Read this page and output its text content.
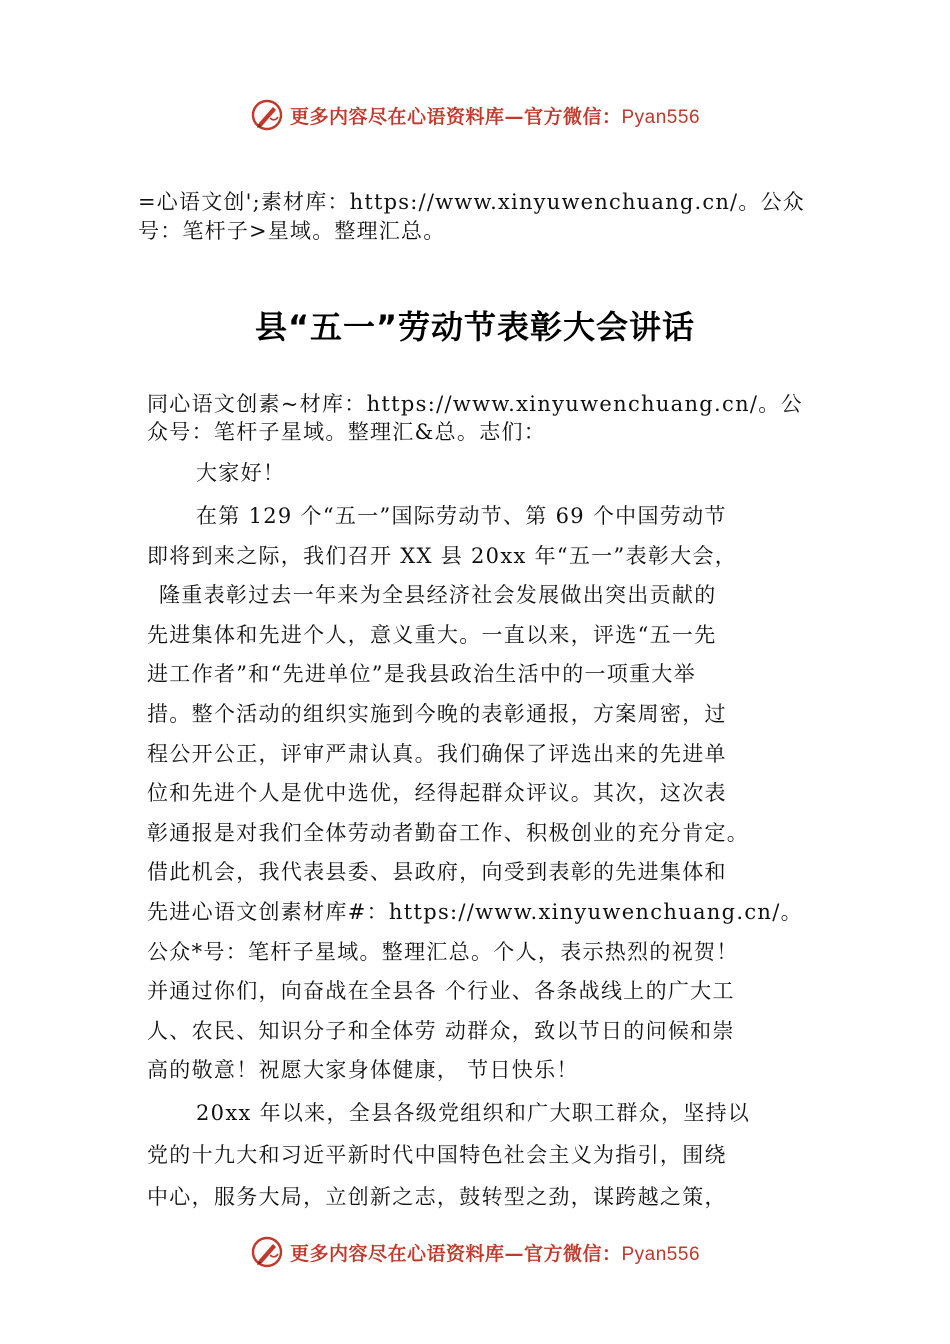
更多内容尽在心语资料库—官方微信：Pyan556
=心语文创';素材库：https://www.xinyuwenchuang.cn/。公众
号：笔杆子>星域。整理汇总。
县“五一”劳动节表彰大会讲话
同心语文创素~材库：https://www.xinyuwenchuang.cn/。公
众号：笔杆子星域。整理汇&总。志们：
大家好！
在第 129 个“五一”国际劳动节、第 69 个中国劳动节
即将到来之际，我们召开 XX 县 20xx 年“五一”表彰大会，
隆重表彰过去一年来为全县经济社会发展做出突出贡献的
先进集体和先进个人，意义重大。一直以来，评选“五一先
进工作者”和“先进单位”是我县政治生活中的一项重大举
措。整个活动的组织实施到今晚的表彰通报，方案周密，过
程公开公正，评审严肃认真。我们确保了评选出来的先进单
位和先进个人是优中选优，经得起群众评议。其次，这次表
彰通报是对我们全体劳动者勤奋工作、积极创业的充分肯定。
借此机会，我代表县委、县政府，向受到表彰的先进集体和
先进心语文创素材库#：https://www.xinyuwenchuang.cn/。
公众*号：笔杆子星域。整理汇总。个人，表示热烈的祝贺！
并通过你们，向奋战在全县各 个行业、各条战线上的广大工
人、农民、知识分子和全体劳 动群众，致以节日的问候和崇
高的敬意！祝愿大家身体健康， 节日快乐！
20xx 年以来，全县各级党组织和广大职工群众，坚持以
党的十九大和习近平新时代中国特色社会主义为指引，围绕
中心，服务大局，立创新之志，鼓转型之劲，谋跨越之策，
更多内容尽在心语资料库—官方微信：Pyan556
